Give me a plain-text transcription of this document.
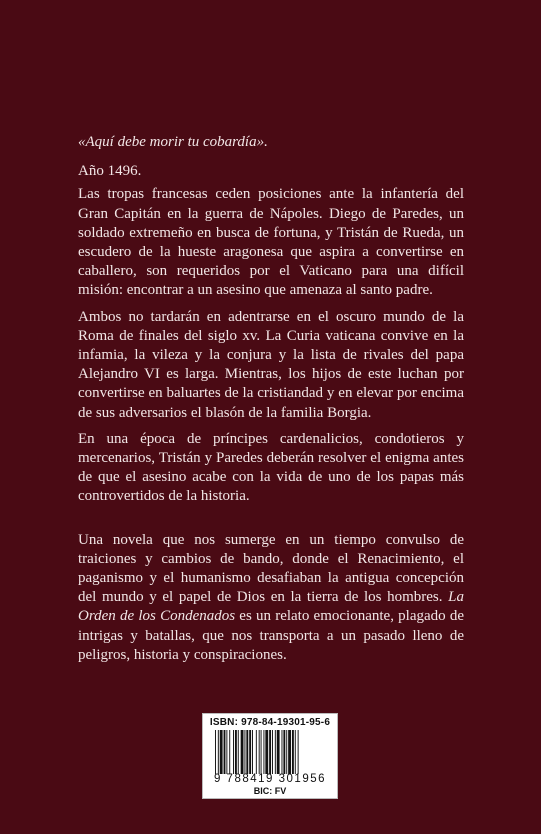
«Aquí debe morir tu cobardía».

Año 1496.

Las tropas francesas ceden posiciones ante la infantería del Gran Capitán en la guerra de Nápoles. Diego de Paredes, un soldado extremeño en busca de fortuna, y Tristán de Rueda, un escudero de la hueste aragonesa que aspira a convertirse en caballero, son requeridos por el Vaticano para una difícil misión: encontrar a un asesino que amenaza al santo padre.

Ambos no tardarán en adentrarse en el oscuro mundo de la Roma de finales del siglo xv. La Curia vaticana convive en la infamia, la vileza y la conjura y la lista de rivales del papa Alejandro VI es larga. Mientras, los hijos de este luchan por convertirse en baluartes de la cristiandad y en elevar por encima de sus adversarios el blasón de la familia Borgia.

En una época de príncipes cardenalicios, condotieros y mercenarios, Tristán y Paredes deberán resolver el enigma antes de que el asesino acabe con la vida de uno de los papas más controvertidos de la historia.

Una novela que nos sumerge en un tiempo convulso de traiciones y cambios de bando, donde el Renacimiento, el paganismo y el humanismo desafiaban la antigua concepción del mundo y el papel de Dios en la tierra de los hombres. La Orden de los Condenados es un relato emocionante, plagado de intrigas y batallas, que nos transporta a un pasado lleno de peligros, historia y conspiraciones.

ISBN: 978-84-19301-95-6
9 788419 301956
BIC: FV
